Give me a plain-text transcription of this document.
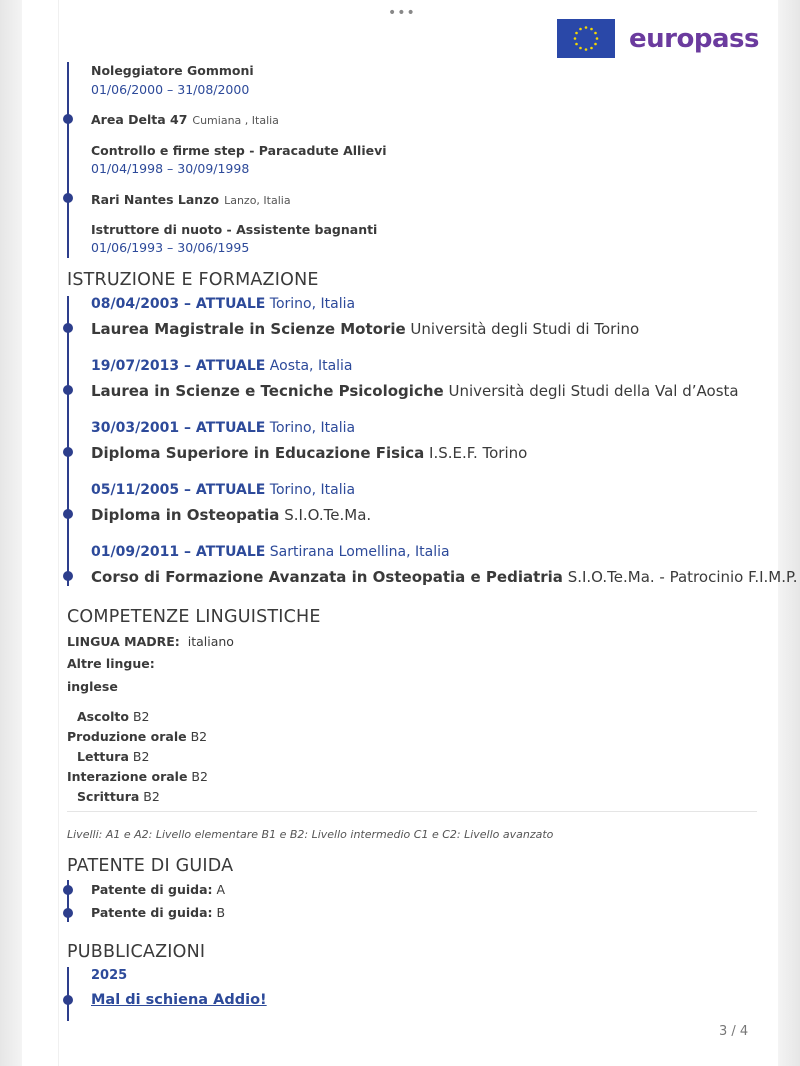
•••
europass
Noleggiatore Gommoni
01/06/2000 – 31/08/2000
Area Delta 47 Cumiana , Italia
Controllo e firme step - Paracadute Allievi
01/04/1998 – 30/09/1998
Rari Nantes Lanzo Lanzo, Italia
Istruttore di nuoto - Assistente bagnanti
01/06/1993 – 30/06/1995
ISTRUZIONE E FORMAZIONE
08/04/2003 – ATTUALE Torino, Italia
Laurea Magistrale in Scienze Motorie Università degli Studi di Torino
19/07/2013 – ATTUALE Aosta, Italia
Laurea in Scienze e Tecniche Psicologiche Università degli Studi della Val d’Aosta
30/03/2001 – ATTUALE Torino, Italia
Diploma Superiore in Educazione Fisica I.S.E.F. Torino
05/11/2005 – ATTUALE Torino, Italia
Diploma in Osteopatia S.I.O.Te.Ma.
01/09/2011 – ATTUALE Sartirana Lomellina, Italia
Corso di Formazione Avanzata in Osteopatia e Pediatria S.I.O.Te.Ma. - Patrocinio F.I.M.P.
COMPETENZE LINGUISTICHE
LINGUA MADRE: italiano
Altre lingue:
inglese
Ascolto B2
Produzione orale B2
Lettura B2
Interazione orale B2
Scrittura B2
Livelli: A1 e A2: Livello elementare B1 e B2: Livello intermedio C1 e C2: Livello avanzato
PATENTE DI GUIDA
Patente di guida: A
Patente di guida: B
PUBBLICAZIONI
2025
Mal di schiena Addio!
3 / 4
